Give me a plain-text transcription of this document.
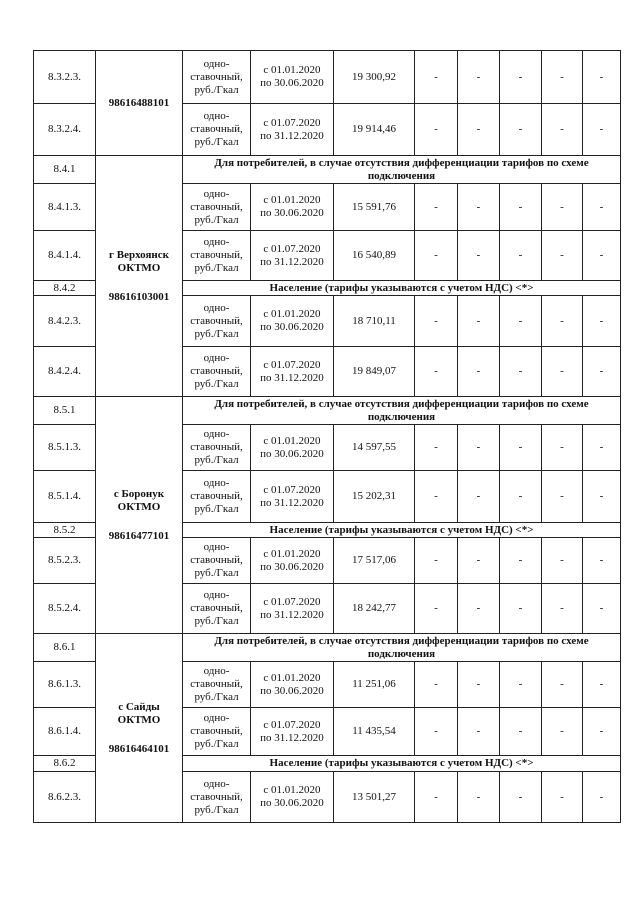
8.3.2.3.	98616488101	одно-
ставочный,
руб./Гкал	с 01.01.2020
по 30.06.2020	19 300,92	-	-	-	-	-
8.3.2.4.		одно-
ставочный,
руб./Гкал	с 01.07.2020
по 31.12.2020	19 914,46	-	-	-	-	-
8.4.1	г Верхоянск
ОКТМО
98616103001	Для потребителей, в случае отсутствия дифференциации тарифов по схеме подключения							
8.4.1.3.		одно-
ставочный,
руб./Гкал	с 01.01.2020
по 30.06.2020	15 591,76	-	-	-	-	-
8.4.1.4.		одно-
ставочный,
руб./Гкал	с 01.07.2020
по 31.12.2020	16 540,89	-	-	-	-	-
8.4.2		Население (тарифы указываются с учетом НДС) <*>							
8.4.2.3.		одно-
ставочный,
руб./Гкал	с 01.01.2020
по 30.06.2020	18 710,11	-	-	-	-	-
8.4.2.4.		одно-
ставочный,
руб./Гкал	с 01.07.2020
по 31.12.2020	19 849,07	-	-	-	-	-
8.5.1	с Боронук
ОКТМО
98616477101	Для потребителей, в случае отсутствия дифференциации тарифов по схеме подключения							
8.5.1.3.		одно-
ставочный,
руб./Гкал	с 01.01.2020
по 30.06.2020	14 597,55	-	-	-	-	-
8.5.1.4.		одно-
ставочный,
руб./Гкал	с 01.07.2020
по 31.12.2020	15 202,31	-	-	-	-	-
8.5.2		Население (тарифы указываются с учетом НДС) <*>							
8.5.2.3.		одно-
ставочный,
руб./Гкал	с 01.01.2020
по 30.06.2020	17 517,06	-	-	-	-	-
8.5.2.4.		одно-
ставочный,
руб./Гкал	с 01.07.2020
по 31.12.2020	18 242,77	-	-	-	-	-
8.6.1	с Сайды
ОКТМО
98616464101	Для потребителей, в случае отсутствия дифференциации тарифов по схеме подключения							
8.6.1.3.		одно-
ставочный,
руб./Гкал	с 01.01.2020
по 30.06.2020	11 251,06	-	-	-	-	-
8.6.1.4.		одно-
ставочный,
руб./Гкал	с 01.07.2020
по 31.12.2020	11 435,54	-	-	-	-	-
8.6.2		Население (тарифы указываются с учетом НДС) <*>							
8.6.2.3.		одно-
ставочный,
руб./Гкал	с 01.01.2020
по 30.06.2020	13 501,27	-	-	-	-	-
